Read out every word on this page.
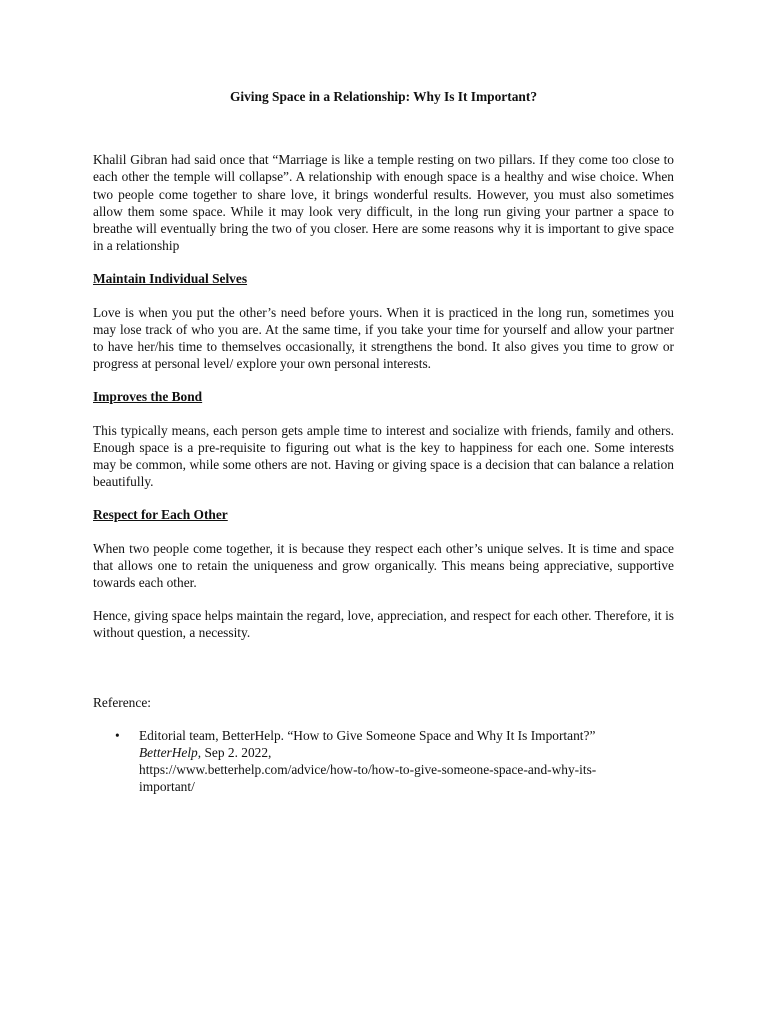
Giving Space in a Relationship: Why Is It Important?
Khalil Gibran had said once that “Marriage is like a temple resting on two pillars. If they come too close to each other the temple will collapse”. A relationship with enough space is a healthy and wise choice. When two people come together to share love, it brings wonderful results. However, you must also sometimes allow them some space. While it may look very difficult, in the long run giving your partner a space to breathe will eventually bring the two of you closer. Here are some reasons why it is important to give space in a relationship
Maintain Individual Selves
Love is when you put the other’s need before yours. When it is practiced in the long run, sometimes you may lose track of who you are. At the same time, if you take your time for yourself and allow your partner to have her/his time to themselves occasionally, it strengthens the bond. It also gives you time to grow or progress at personal level/ explore your own personal interests.
Improves the Bond
This typically means, each person gets ample time to interest and socialize with friends, family and others. Enough space is a pre-requisite to figuring out what is the key to happiness for each one. Some interests may be common, while some others are not. Having or giving space is a decision that can balance a relation beautifully.
Respect for Each Other
When two people come together, it is because they respect each other’s unique selves. It is time and space that allows one to retain the uniqueness and grow organically. This means being appreciative, supportive towards each other.
Hence, giving space helps maintain the regard, love, appreciation, and respect for each other. Therefore, it is without question, a necessity.
Reference:
• Editorial team, BetterHelp. “How to Give Someone Space and Why It Is Important?”
BetterHelp, Sep 2. 2022,
https://www.betterhelp.com/advice/how-to/how-to-give-someone-space-and-why-its-
important/
